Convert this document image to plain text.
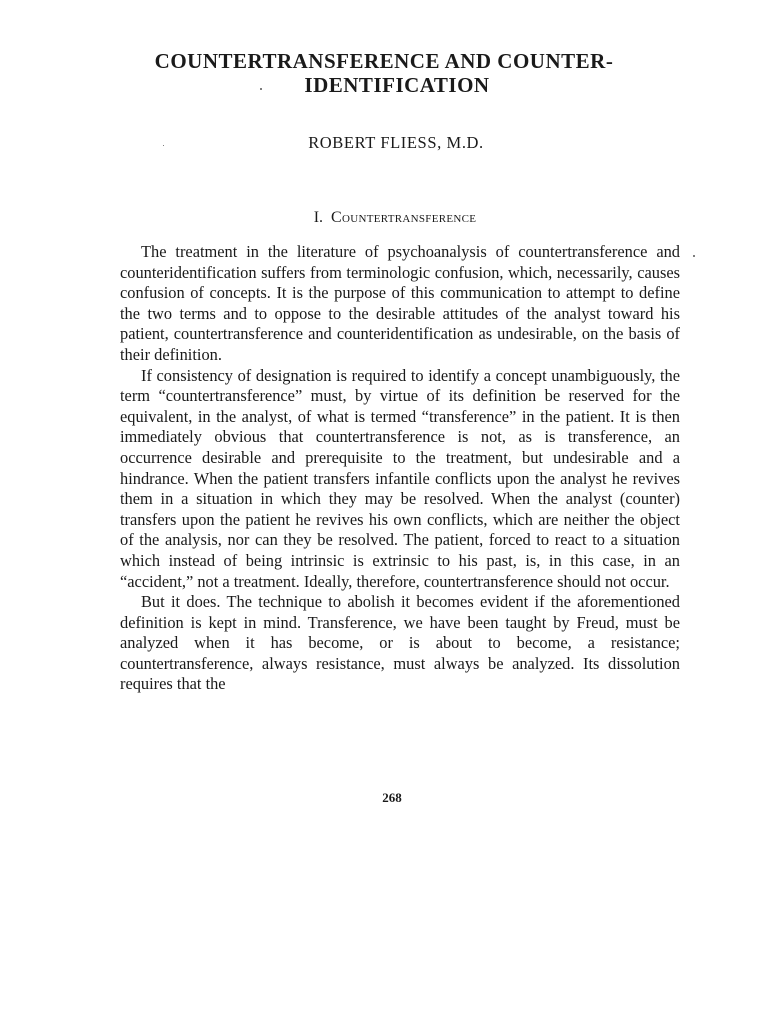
COUNTERTRANSFERENCE AND COUNTER-
IDENTIFICATION
ROBERT FLIESS, M.D.
I. Countertransference

The treatment in the literature of psychoanalysis of countertransference and counteridentification suffers from terminologic confusion, which, necessarily, causes confusion of concepts. It is the purpose of this communication to attempt to define the two terms and to oppose to the desirable attitudes of the analyst toward his patient, countertransference and counteridentification as undesirable, on the basis of their definition.

If consistency of designation is required to identify a concept unambiguously, the term “countertransference” must, by virtue of its definition be reserved for the equivalent, in the analyst, of what is termed “transference” in the patient. It is then immediately obvious that countertransference is not, as is transference, an occurrence desirable and prerequisite to the treatment, but undesirable and a hindrance. When the patient transfers infantile conflicts upon the analyst he revives them in a situation in which they may be resolved. When the analyst (counter) transfers upon the patient he revives his own conflicts, which are neither the object of the analysis, nor can they be resolved. The patient, forced to react to a situation which instead of being intrinsic is extrinsic to his past, is, in this case, in an “accident,” not a treatment. Ideally, therefore, countertransference should not occur.

But it does. The technique to abolish it becomes evident if the aforementioned definition is kept in mind. Transference, we have been taught by Freud, must be analyzed when it has become, or is about to become, a resistance; countertransference, always resistance, must always be analyzed. Its dissolution requires that the

268
